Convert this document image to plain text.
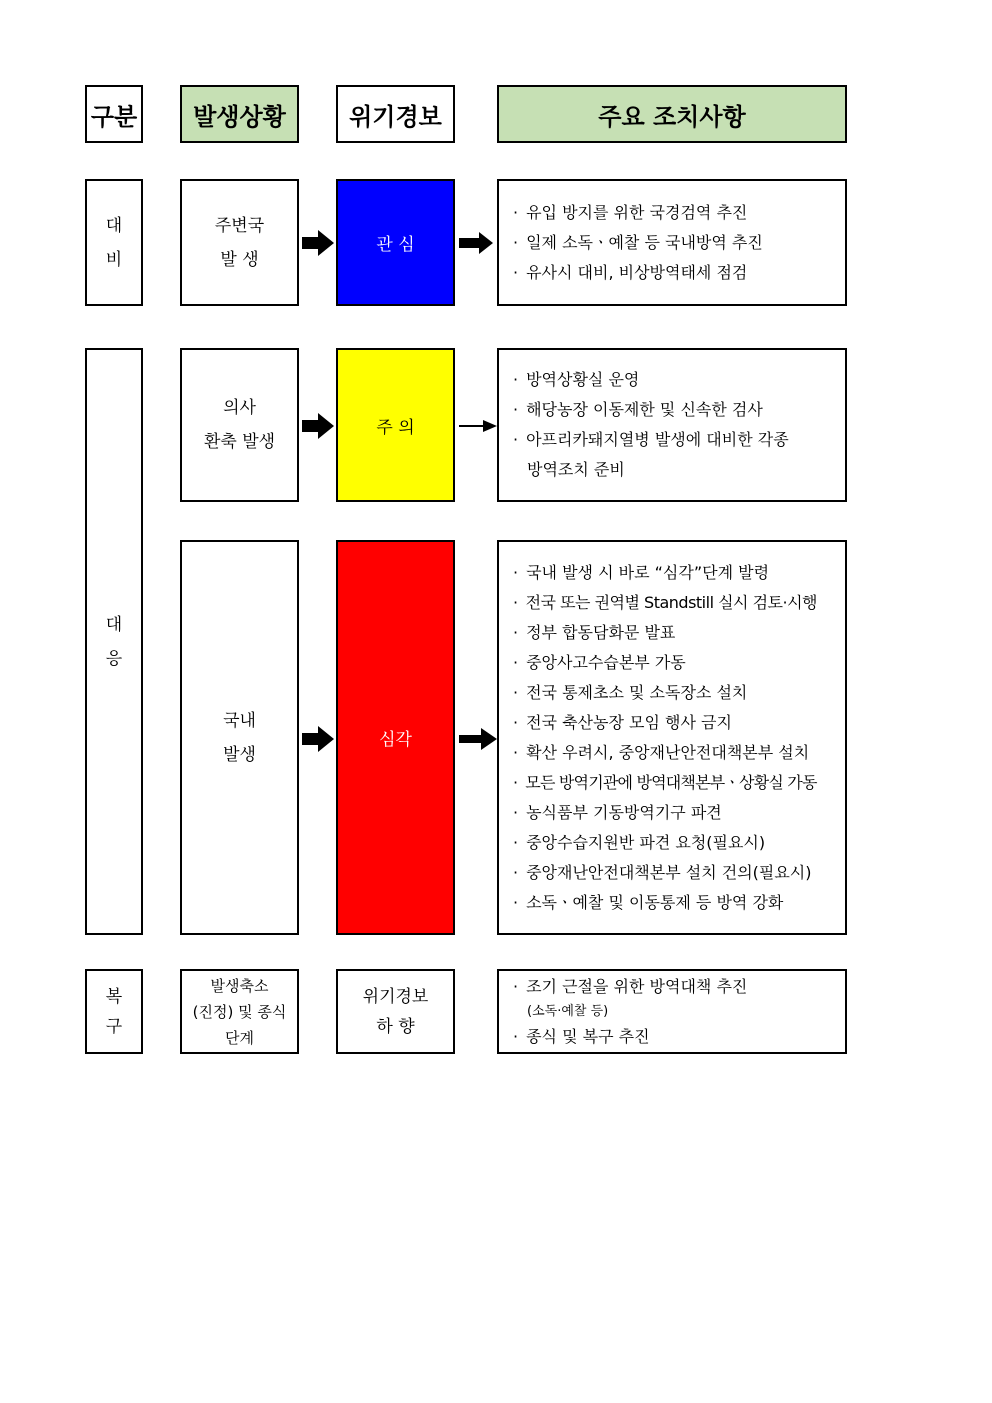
구분 발생상황	위기경보	주요 조치사항
대
비
주변국
발 생
관 심
· 유입 방지를 위한 국경검역 추진
· 일제 소독ㆍ예찰 등 국내방역 추진
· 유사시 대비, 비상방역태세 점검
대
응
의사
환축 발생
주 의
· 방역상황실 운영
· 해당농장 이동제한 및 신속한 검사
· 아프리카돼지열병 발생에 대비한 각종
방역조치 준비
국내
발생
심각
· 국내 발생 시 바로 “심각”단계 발령
· 전국 또는 권역별 Standstill 실시 검토·시행
· 정부 합동담화문 발표
· 중앙사고수습본부 가동
· 전국 통제초소 및 소독장소 설치
· 전국 축산농장 모임 행사 금지
· 확산 우려시, 중앙재난안전대책본부 설치
· 모든 방역기관에 방역대책본부ㆍ상황실 가동
· 농식품부 기동방역기구 파견
· 중앙수습지원반 파견 요청(필요시)
· 중앙재난안전대책본부 설치 건의(필요시)
· 소독ㆍ예찰 및 이동통제 등 방역 강화
복
구
발생축소
(진정) 및 종식
단계
위기경보
하 향
· 조기 근절을 위한 방역대책 추진
(소독·예찰 등)
· 종식 및 복구 추진
